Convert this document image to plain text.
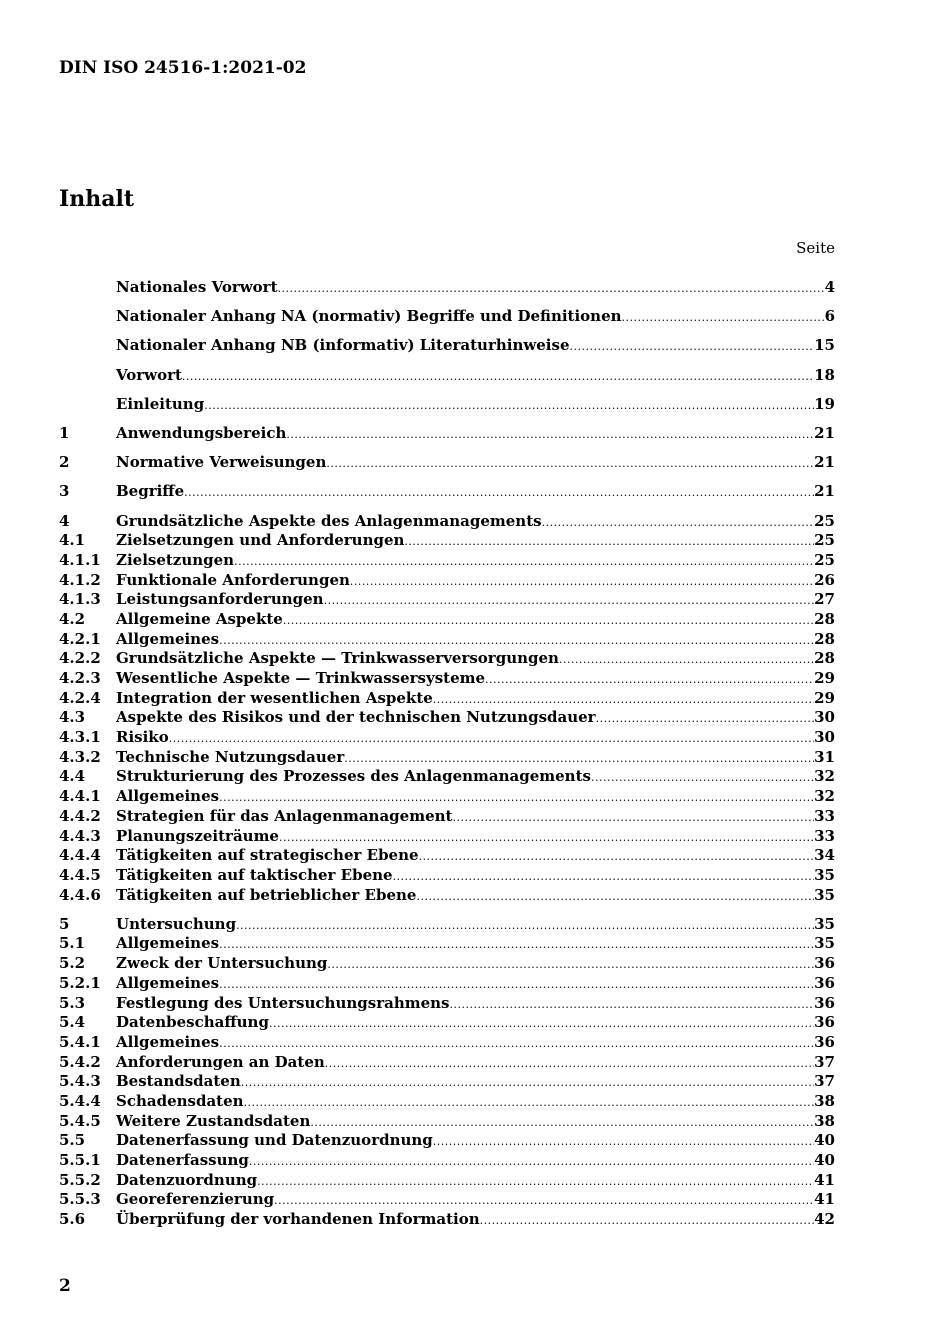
DIN ISO 24516-1:2021-02
Inhalt
Seite
Nationales Vorwort .....	4
Nationaler Anhang NA (normativ) Begriffe und Definitionen .....	6
Nationaler Anhang NB (informativ) Literaturhinweise .....	15
Vorwort .....	18
Einleitung .....	19
1	Anwendungsbereich .....	21
2	Normative Verweisungen .....	21
3	Begriffe .....	21
4	Grundsätzliche Aspekte des Anlagenmanagements .....	25
4.1	Zielsetzungen und Anforderungen .....	25
4.1.1	Zielsetzungen .....	25
4.1.2	Funktionale Anforderungen .....	26
4.1.3	Leistungsanforderungen .....	27
4.2	Allgemeine Aspekte .....	28
4.2.1	Allgemeines .....	28
4.2.2	Grundsätzliche Aspekte — Trinkwasserversorgungen .....	28
4.2.3	Wesentliche Aspekte — Trinkwassersysteme .....	29
4.2.4	Integration der wesentlichen Aspekte .....	29
4.3	Aspekte des Risikos und der technischen Nutzungsdauer .....	30
4.3.1	Risiko .....	30
4.3.2	Technische Nutzungsdauer .....	31
4.4	Strukturierung des Prozesses des Anlagenmanagements .....	32
4.4.1	Allgemeines .....	32
4.4.2	Strategien für das Anlagenmanagement .....	33
4.4.3	Planungszeiträume .....	33
4.4.4	Tätigkeiten auf strategischer Ebene .....	34
4.4.5	Tätigkeiten auf taktischer Ebene .....	35
4.4.6	Tätigkeiten auf betrieblicher Ebene .....	35
5	Untersuchung .....	35
5.1	Allgemeines .....	35
5.2	Zweck der Untersuchung .....	36
5.2.1	Allgemeines .....	36
5.3	Festlegung des Untersuchungsrahmens .....	36
5.4	Datenbeschaffung .....	36
5.4.1	Allgemeines .....	36
5.4.2	Anforderungen an Daten .....	37
5.4.3	Bestandsdaten .....	37
5.4.4	Schadensdaten .....	38
5.4.5	Weitere Zustandsdaten .....	38
5.5	Datenerfassung und Datenzuordnung .....	40
5.5.1	Datenerfassung .....	40
5.5.2	Datenzuordnung .....	41
5.5.3	Georeferenzierung .....	41
5.6	Überprüfung der vorhandenen Information .....	42
2
